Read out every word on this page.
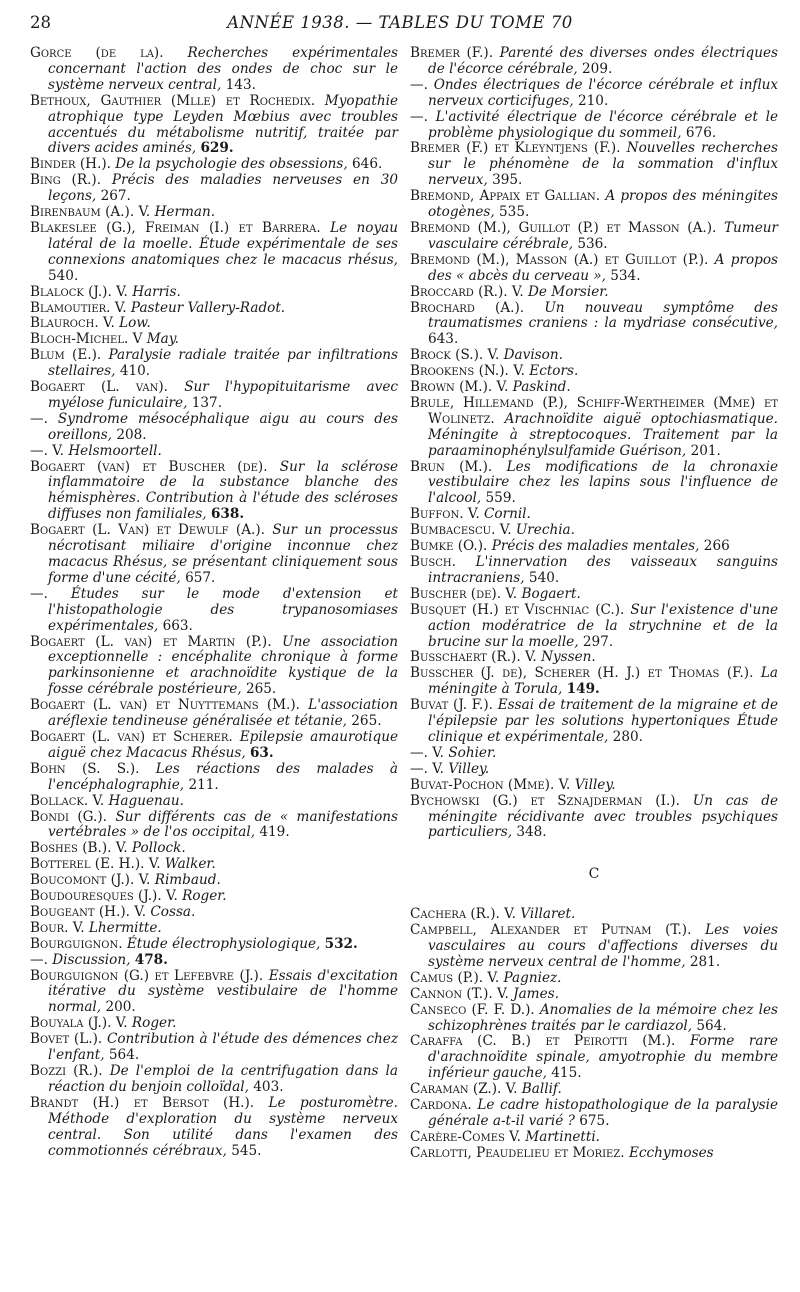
28	ANNÉE 1938. — TABLES DU TOME 70

Gorce (de la). Recherches expérimentales concernant l'action des ondes de choc sur le système nerveux central, 143.

Bethoux, Gauthier (Mlle) et Rochedix. Myopathie atrophique type Leyden Mœbius avec troubles accentués du métabolisme nutritif, traitée par divers acides aminés, 629.

Binder (H.). De la psychologie des obsessions, 646.

Bing (R.). Précis des maladies nerveuses en 30 leçons, 267.

Birenbaum (A.). V. Herman.

Blakeslee (G.), Freiman (I.) et Barrera. Le noyau latéral de la moelle. Étude expérimentale de ses connexions anatomiques chez le macacus rhésus, 540.

Blalock (J.). V. Harris.

Blamoutier. V. Pasteur Vallery-Radot.

Blauroch. V. Low.

Bloch-Michel. V May.

Blum (E.). Paralysie radiale traitée par infiltrations stellaires, 410.

Bogaert (L. van). Sur l'hypopituitarisme avec myélose funiculaire, 137.

—. Syndrome mésocéphalique aigu au cours des oreillons, 208.

—. V. Helsmoortell.

Bogaert (van) et Buscher (de). Sur la sclérose inflammatoire de la substance blanche des hémisphères. Contribution à l'étude des scléroses diffuses non familiales, 638.

Bogaert (L. Van) et Dewulf (A.). Sur un processus nécrotisant miliaire d'origine inconnue chez macacus Rhésus, se présentant cliniquement sous forme d'une cécité, 657.

—. Études sur le mode d'extension et l'histopathologie des trypanosomiases expérimentales, 663.

Bogaert (L. van) et Martin (P.). Une association exceptionnelle : encéphalite chronique à forme parkinsonienne et arachnoïdite kystique de la fosse cérébrale postérieure, 265.

Bogaert (L. van) et Nuyttemans (M.). L'association aréflexie tendineuse généralisée et tétanie, 265.

Bogaert (L. van) et Scherer. Epilepsie amaurotique aiguë chez Macacus Rhésus, 63.

Bohn (S. S.). Les réactions des malades à l'encéphalographie, 211.

Bollack. V. Haguenau.

Bondi (G.). Sur différents cas de « manifestations vertébrales » de l'os occipital, 419.

Boshes (B.). V. Pollock.

Botterel (E. H.). V. Walker.

Boucomont (J.). V. Rimbaud.

Boudouresques (J.). V. Roger.

Bougeant (H.). V. Cossa.

Bour. V. Lhermitte.

Bourguignon. Étude électrophysiologique, 532.

—. Discussion, 478.

Bourguignon (G.) et Lefebvre (J.). Essais d'excitation itérative du système vestibulaire de l'homme normal, 200.

Bouyala (J.). V. Roger.

Bovet (L.). Contribution à l'étude des démences chez l'enfant, 564.

Bozzi (R.). De l'emploi de la centrifugation dans la réaction du benjoin colloïdal, 403.

Brandt (H.) et Bersot (H.). Le posturomètre. Méthode d'exploration du système nerveux central. Son utilité dans l'examen des commotionnés cérébraux, 545.

Bremer (F.). Parenté des diverses ondes électriques de l'écorce cérébrale, 209.

—. Ondes électriques de l'écorce cérébrale et influx nerveux corticifuges, 210.

—. L'activité électrique de l'écorce cérébrale et le problème physiologique du sommeil, 676.

Bremer (F.) et Kleyntjens (F.). Nouvelles recherches sur le phénomène de la sommation d'influx nerveux, 395.

Bremond, Appaix et Gallian. A propos des méningites otogènes, 535.

Bremond (M.), Guillot (P.) et Masson (A.). Tumeur vasculaire cérébrale, 536.

Bremond (M.), Masson (A.) et Guillot (P.). A propos des « abcès du cerveau », 534.

Broccard (R.). V. De Morsier.

Brochard (A.). Un nouveau symptôme des traumatismes craniens : la mydriase consécutive, 643.

Brock (S.). V. Davison.

Brookens (N.). V. Ectors.

Brown (M.). V. Paskind.

Brule, Hillemand (P.), Schiff-Wertheimer (Mme) et Wolinetz. Arachnoïdite aiguë optochiasmatique. Méningite à streptocoques. Traitement par la paraaminophénylsulfamide Guérison, 201.

Brun (M.). Les modifications de la chronaxie vestibulaire chez les lapins sous l'influence de l'alcool, 559.

Buffon. V. Cornil.

Bumbacescu. V. Urechia.

Bumke (O.). Précis des maladies mentales, 266

Busch. L'innervation des vaisseaux sanguins intracraniens, 540.

Buscher (de). V. Bogaert.

Busquet (H.) et Vischniac (C.). Sur l'existence d'une action modératrice de la strychnine et de la brucine sur la moelle, 297.

Busschaert (R.). V. Nyssen.

Busscher (J. de), Scherer (H. J.) et Thomas (F.). La méningite à Torula, 149.

Buvat (J. F.). Essai de traitement de la migraine et de l'épilepsie par les solutions hypertoniques Étude clinique et expérimentale, 280.

—. V. Sohier.

—. V. Villey.

Buvat-Pochon (Mme). V. Villey.

Bychowski (G.) et Sznajderman (I.). Un cas de méningite récidivante avec troubles psychiques particuliers, 348.

C

Cachera (R.). V. Villaret.

Campbell, Alexander et Putnam (T.). Les voies vasculaires au cours d'affections diverses du système nerveux central de l'homme, 281.

Camus (P.). V. Pagniez.

Cannon (T.). V. James.

Canseco (F. F. D.). Anomalies de la mémoire chez les schizophrènes traités par le cardiazol, 564.

Caraffa (C. B.) et Peirotti (M.). Forme rare d'arachnoïdite spinale, amyotrophie du membre inférieur gauche, 415.

Caraman (Z.). V. Ballif.

Cardona. Le cadre histopathologique de la paralysie générale a-t-il varié ? 675.

Carère-Comes V. Martinetti.

Carlotti, Peaudelieu et Moriez. Ecchymoses
